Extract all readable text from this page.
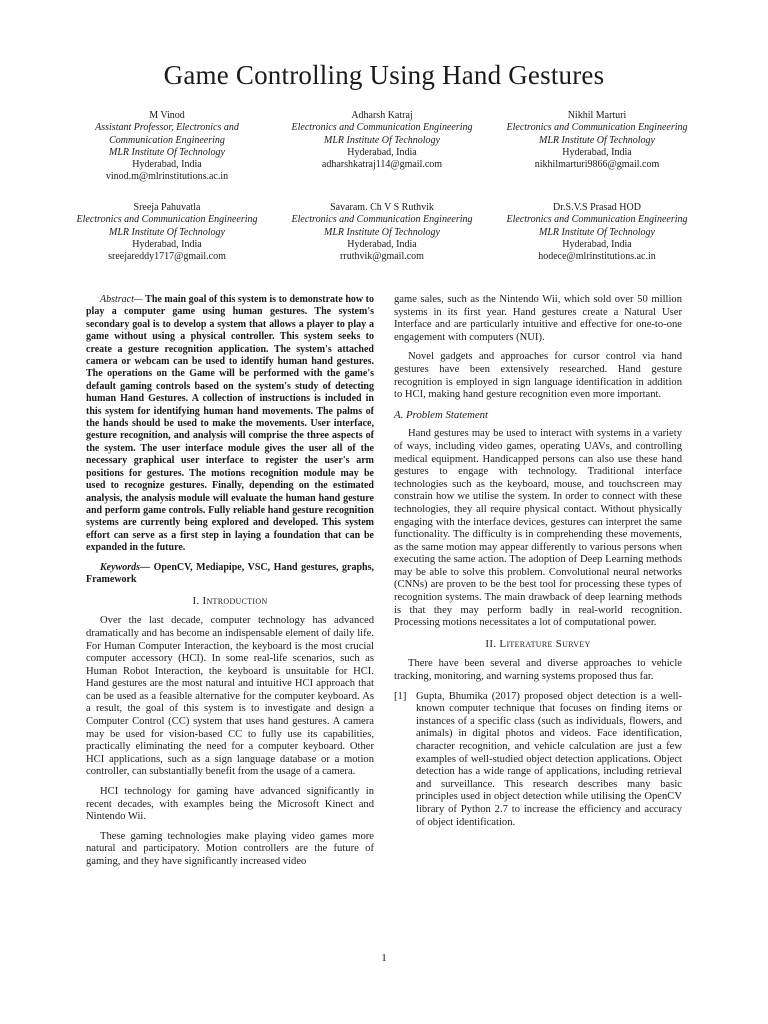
Game Controlling Using Hand Gestures
M Vinod
Assistant Professor, Electronics and Communication Engineering
MLR Institute Of Technology
Hyderabad, India
vinod.m@mlrinstitutions.ac.in
Adharsh Katraj
Electronics and Communication Engineering
MLR Institute Of Technology
Hyderabad, India
adharshkatraj114@gmail.com
Nikhil Marturi
Electronics and Communication Engineering
MLR Institute Of Technology
Hyderabad, India
nikhilmarturi9866@gmail.com
Sreeja Pahuvatla
Electronics and Communication Engineering
MLR Institute Of Technology
Hyderabad, India
sreejareddy1717@gmail.com
Savaram. Ch V S Ruthvik
Electronics and Communication Engineering
MLR Institute Of Technology
Hyderabad, India
rruthvik@gmail.com
Dr.S.V.S Prasad HOD
Electronics and Communication Engineering
MLR Institute Of Technology
Hyderabad, India
hodece@mlrinstitutions.ac.in

Abstract— The main goal of this system is to demonstrate how to play a computer game using human gestures. The system's secondary goal is to develop a system that allows a player to play a game without using a physical controller. This system seeks to create a gesture recognition application. The system's attached camera or webcam can be used to identify human hand gestures. The operations on the Game will be performed with the game's default gaming controls based on the system's study of detecting human Hand Gestures. A collection of instructions is included in this system for identifying human hand movements. The palms of the hands should be used to make the movements. User interface, gesture recognition, and analysis will comprise the three aspects of the system. The user interface module gives the user all of the necessary graphical user interface to register the user's arm positions for gestures. The motions recognition module may be used to recognize gestures. Finally, depending on the estimated analysis, the analysis module will evaluate the human hand gesture and perform game controls. Fully reliable hand gesture recognition systems are currently being explored and developed. This system effort can serve as a first step in laying a foundation that can be expanded in the future.

Keywords— OpenCV, Mediapipe, VSC, Hand gestures, graphs, Framework

I. Introduction

Over the last decade, computer technology has advanced dramatically and has become an indispensable element of daily life. For Human Computer Interaction, the keyboard is the most crucial computer accessory (HCI). In some real-life scenarios, such as Human Robot Interaction, the keyboard is unsuitable for HCI. Hand gestures are the most natural and intuitive HCI approach that can be used as a feasible alternative for the computer keyboard. As a result, the goal of this system is to investigate and design a Computer Control (CC) system that uses hand gestures. A camera may be used for vision-based CC to fully use its capabilities, practically eliminating the need for a computer keyboard. Other HCI applications, such as a sign language database or a motion controller, can substantially benefit from the usage of a camera.

HCI technology for gaming have advanced significantly in recent decades, with examples being the Microsoft Kinect and Nintendo Wii.

These gaming technologies make playing video games more natural and participatory. Motion controllers are the future of gaming, and they have significantly increased video

game sales, such as the Nintendo Wii, which sold over 50 million systems in its first year. Hand gestures create a Natural User Interface and are particularly intuitive and effective for one-to-one engagement with computers (NUI).

Novel gadgets and approaches for cursor control via hand gestures have been extensively researched. Hand gesture recognition is employed in sign language identification in addition to HCI, making hand gesture recognition even more important.

A. Problem Statement

Hand gestures may be used to interact with systems in a variety of ways, including video games, operating UAVs, and controlling medical equipment. Handicapped persons can also use these hand gestures to engage with technology. Traditional interface technologies such as the keyboard, mouse, and touchscreen may constrain how we utilise the system. In order to connect with these technologies, they all require physical contact. Without physically engaging with the interface devices, gestures can interpret the same functionality. The difficulty is in comprehending these movements, as the same motion may appear differently to various persons when executing the same action. The adoption of Deep Learning methods may be able to solve this problem. Convolutional neural networks (CNNs) are proven to be the best tool for processing these types of recognition systems. The main drawback of deep learning methods is that they may perform badly in real-world recognition. Processing motions necessitates a lot of computational power.

II. Literature Survey

There have been several and diverse approaches to vehicle tracking, monitoring, and warning systems proposed thus far.

[1] Gupta, Bhumika (2017) proposed object detection is a well-known computer technique that focuses on finding items or instances of a specific class (such as individuals, flowers, and animals) in digital photos and videos. Face identification, character recognition, and vehicle calculation are just a few examples of well-studied object detection applications. Object detection has a wide range of applications, including retrieval and surveillance. This research describes many basic principles used in object detection while utilising the OpenCV library of Python 2.7 to increase the efficiency and accuracy of object identification.
1
